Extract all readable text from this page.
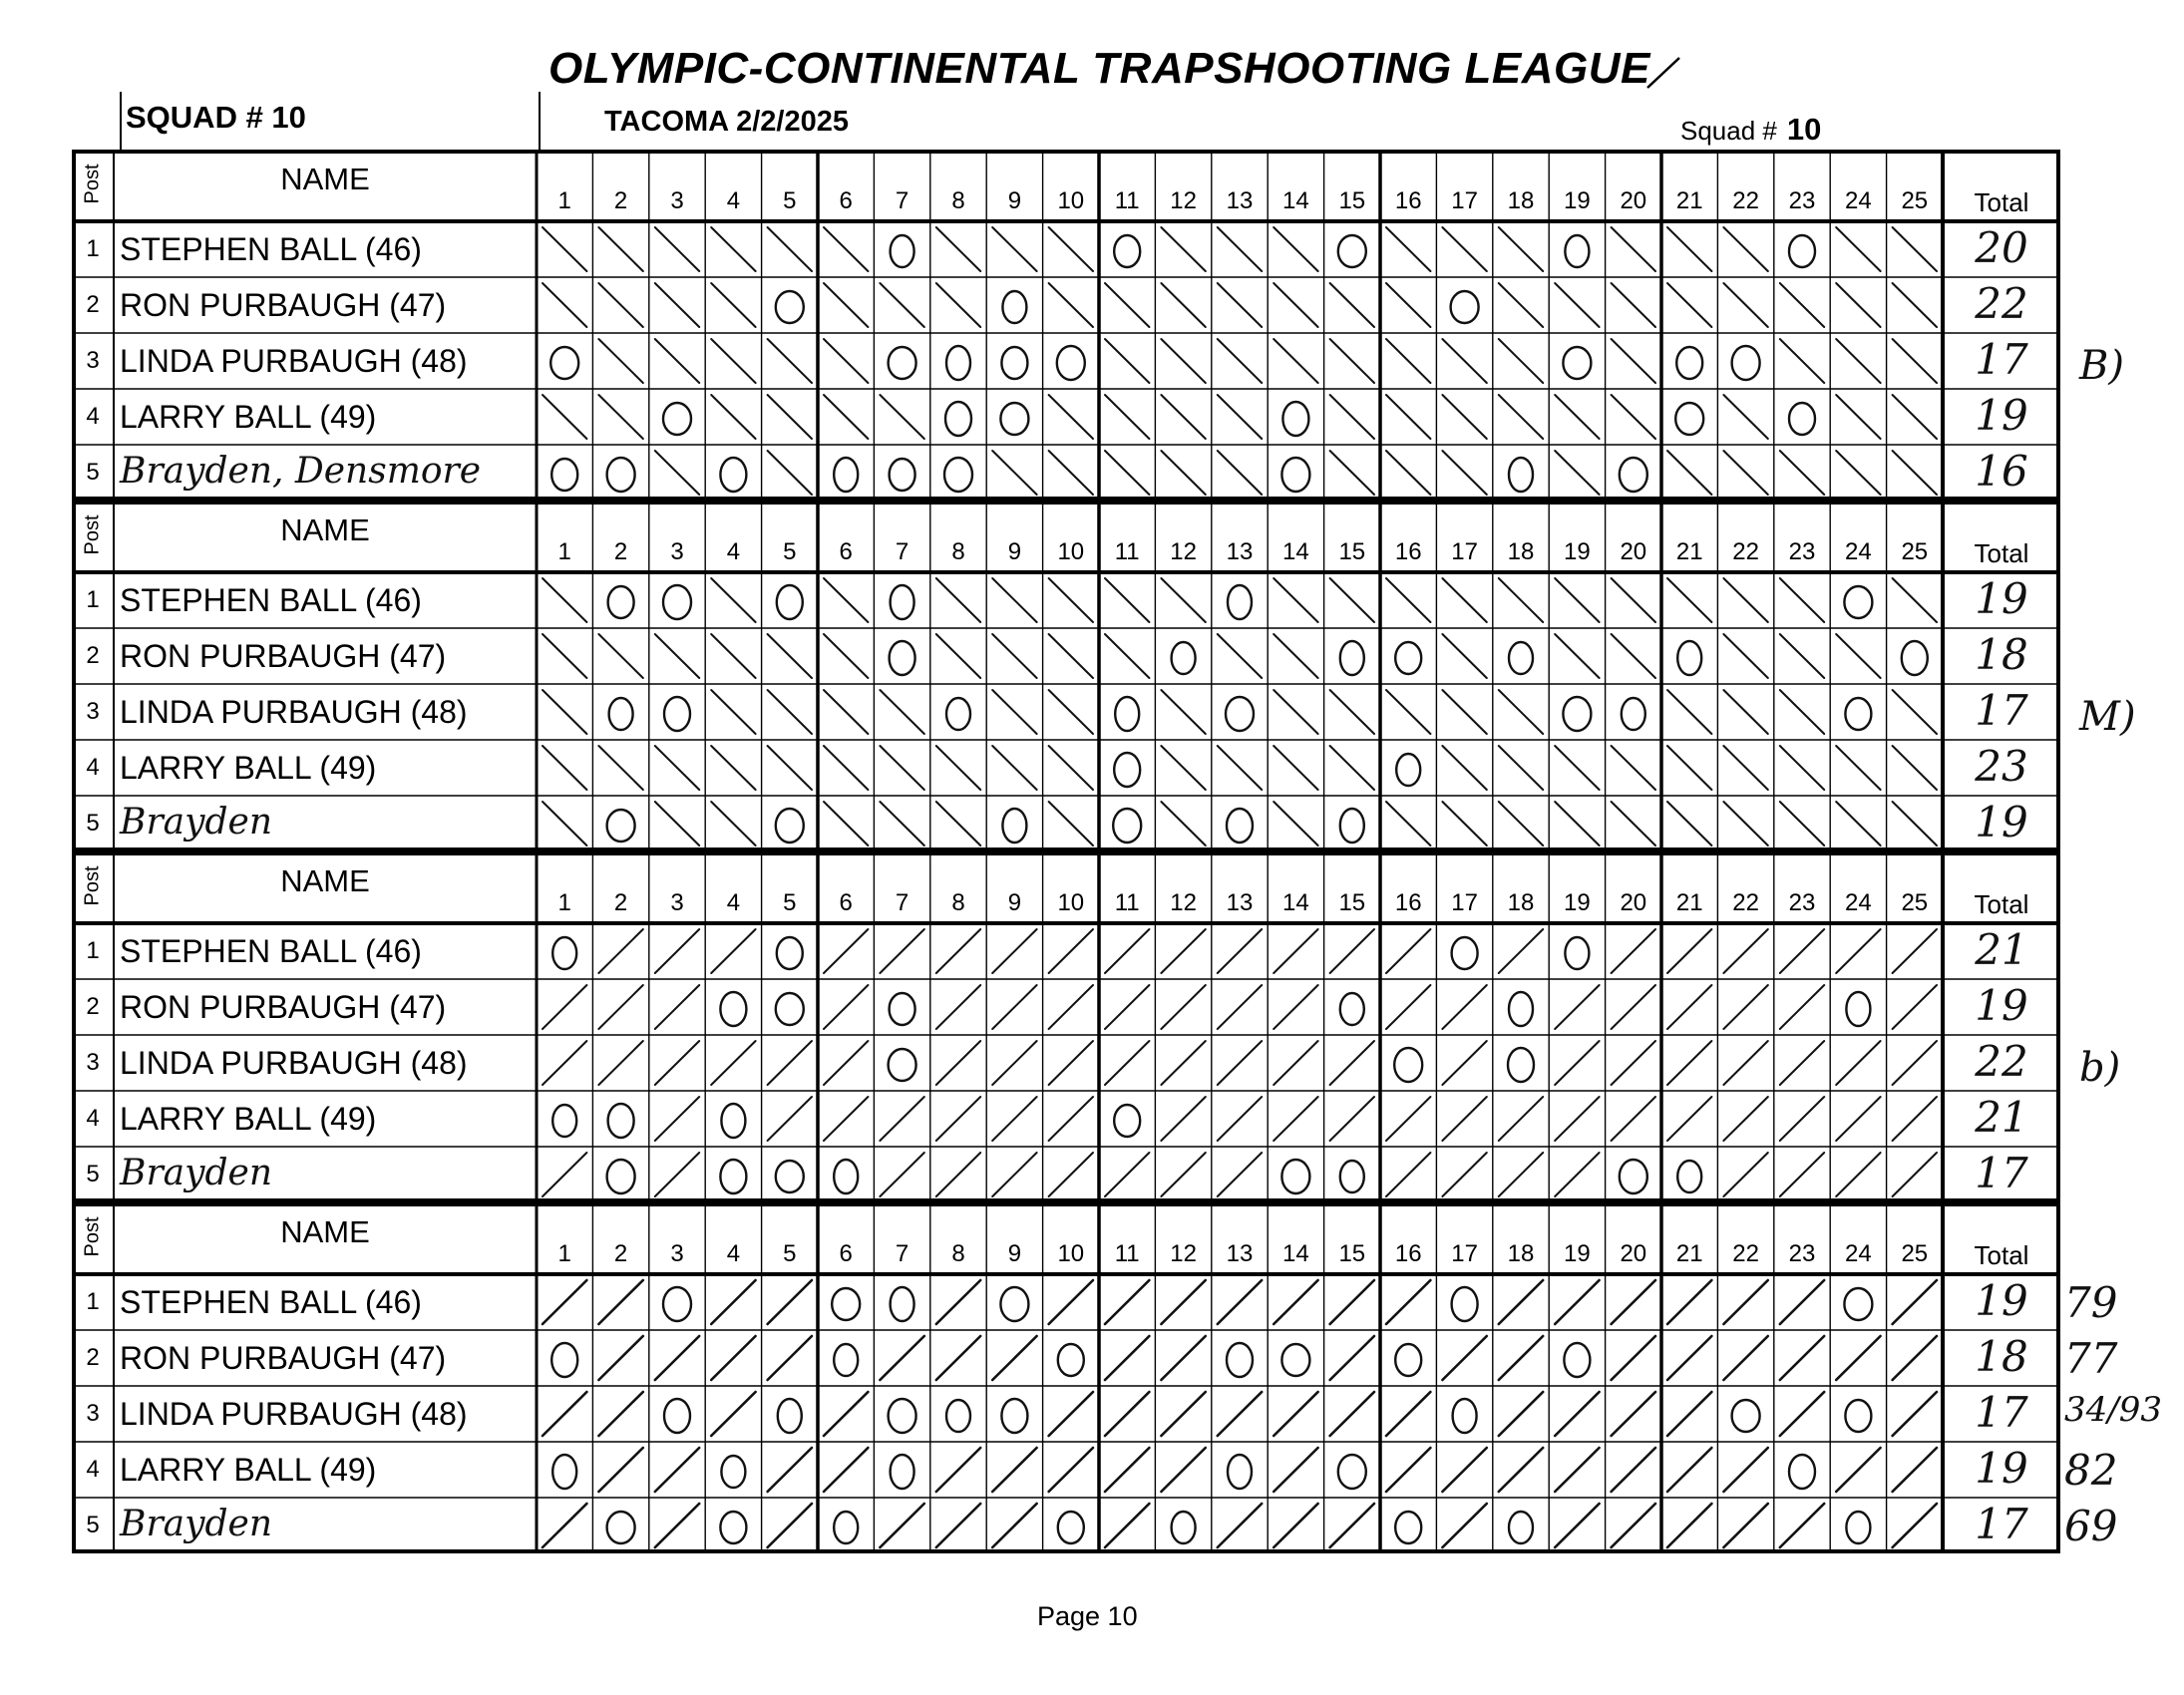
OLYMPIC-CONTINENTAL TRAPSHOOTING LEAGUE
SQUAD # 10	TACOMA 2/2/2025	Squad # 10
Post	NAME
1	2	3	4	5	6	7	8	9	10	11	12	13	14	15	16	17	18	19	20	21	22	23	24	25	Total
1 STEPHEN BALL (46)	20
2 RON PURBAUGH (47)	22
3 LINDA PURBAUGH (48)	17
4 LARRY BALL (49)	19
5 Brayden, Densmore	16
B)
Post	NAME
1	2	3	4	5	6	7	8	9	10	11	12	13	14	15	16	17	18	19	20	21	22	23	24	25	Total
1 STEPHEN BALL (46)	19
2 RON PURBAUGH (47)	18
3 LINDA PURBAUGH (48)	17
4 LARRY BALL (49)	23
5 Brayden	19
M)
Post	NAME
1	2	3	4	5	6	7	8	9	10	11	12	13	14	15	16	17	18	19	20	21	22	23	24	25	Total
1 STEPHEN BALL (46)	21
2 RON PURBAUGH (47)	19
3 LINDA PURBAUGH (48)	22
4 LARRY BALL (49)	21
5 Brayden	17
b)
Post	NAME
1	2	3	4	5	6	7	8	9	10	11	12	13	14	15	16	17	18	19	20	21	22	23	24	25	Total
1 STEPHEN BALL (46)	19 79
2 RON PURBAUGH (47)	18 77
3 LINDA PURBAUGH (48)	17	34/93
4 LARRY BALL (49)	19 82
5 Brayden	17 69
Page 10
